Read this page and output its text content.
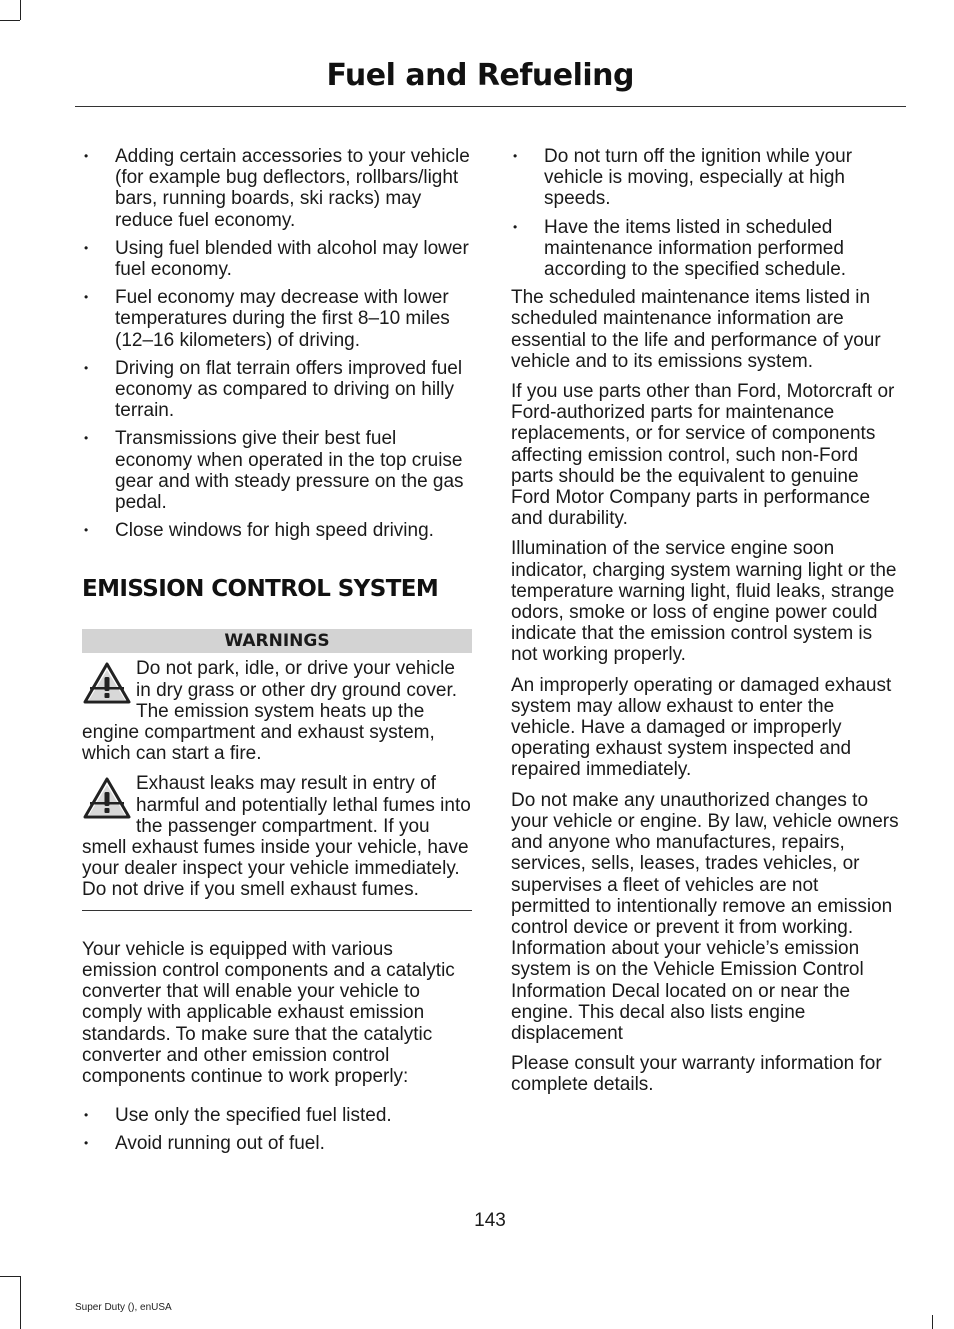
Fuel and Refueling
• Adding certain accessories to your vehicle (for example bug deflectors, rollbars/light bars, running boards, ski racks) may reduce fuel economy.
• Using fuel blended with alcohol may lower fuel economy.
• Fuel economy may decrease with lower temperatures during the first 8–10 miles (12–16 kilometers) of driving.
• Driving on flat terrain offers improved fuel economy as compared to driving on hilly terrain.
• Transmissions give their best fuel economy when operated in the top cruise gear and with steady pressure on the gas pedal.
• Close windows for high speed driving.
EMISSION CONTROL SYSTEM
WARNINGS
Do not park, idle, or drive your vehicle in dry grass or other dry ground cover. The emission system heats up the engine compartment and exhaust system, which can start a fire.
Exhaust leaks may result in entry of harmful and potentially lethal fumes into the passenger compartment. If you smell exhaust fumes inside your vehicle, have your dealer inspect your vehicle immediately. Do not drive if you smell exhaust fumes.

Your vehicle is equipped with various emission control components and a catalytic converter that will enable your vehicle to comply with applicable exhaust emission standards. To make sure that the catalytic converter and other emission control components continue to work properly:

• Use only the specified fuel listed.
• Avoid running out of fuel.
• Do not turn off the ignition while your vehicle is moving, especially at high speeds.
• Have the items listed in scheduled maintenance information performed according to the specified schedule.

The scheduled maintenance items listed in scheduled maintenance information are essential to the life and performance of your vehicle and to its emissions system.

If you use parts other than Ford, Motorcraft or Ford-authorized parts for maintenance replacements, or for service of components affecting emission control, such non-Ford parts should be the equivalent to genuine Ford Motor Company parts in performance and durability.

Illumination of the service engine soon indicator, charging system warning light or the temperature warning light, fluid leaks, strange odors, smoke or loss of engine power could indicate that the emission control system is not working properly.

An improperly operating or damaged exhaust system may allow exhaust to enter the vehicle. Have a damaged or improperly operating exhaust system inspected and repaired immediately.

Do not make any unauthorized changes to your vehicle or engine. By law, vehicle owners and anyone who manufactures, repairs, services, sells, leases, trades vehicles, or supervises a fleet of vehicles are not permitted to intentionally remove an emission control device or prevent it from working. Information about your vehicle’s emission system is on the Vehicle Emission Control Information Decal located on or near the engine. This decal also lists engine displacement

Please consult your warranty information for complete details.

143
Super Duty (), enUSA
